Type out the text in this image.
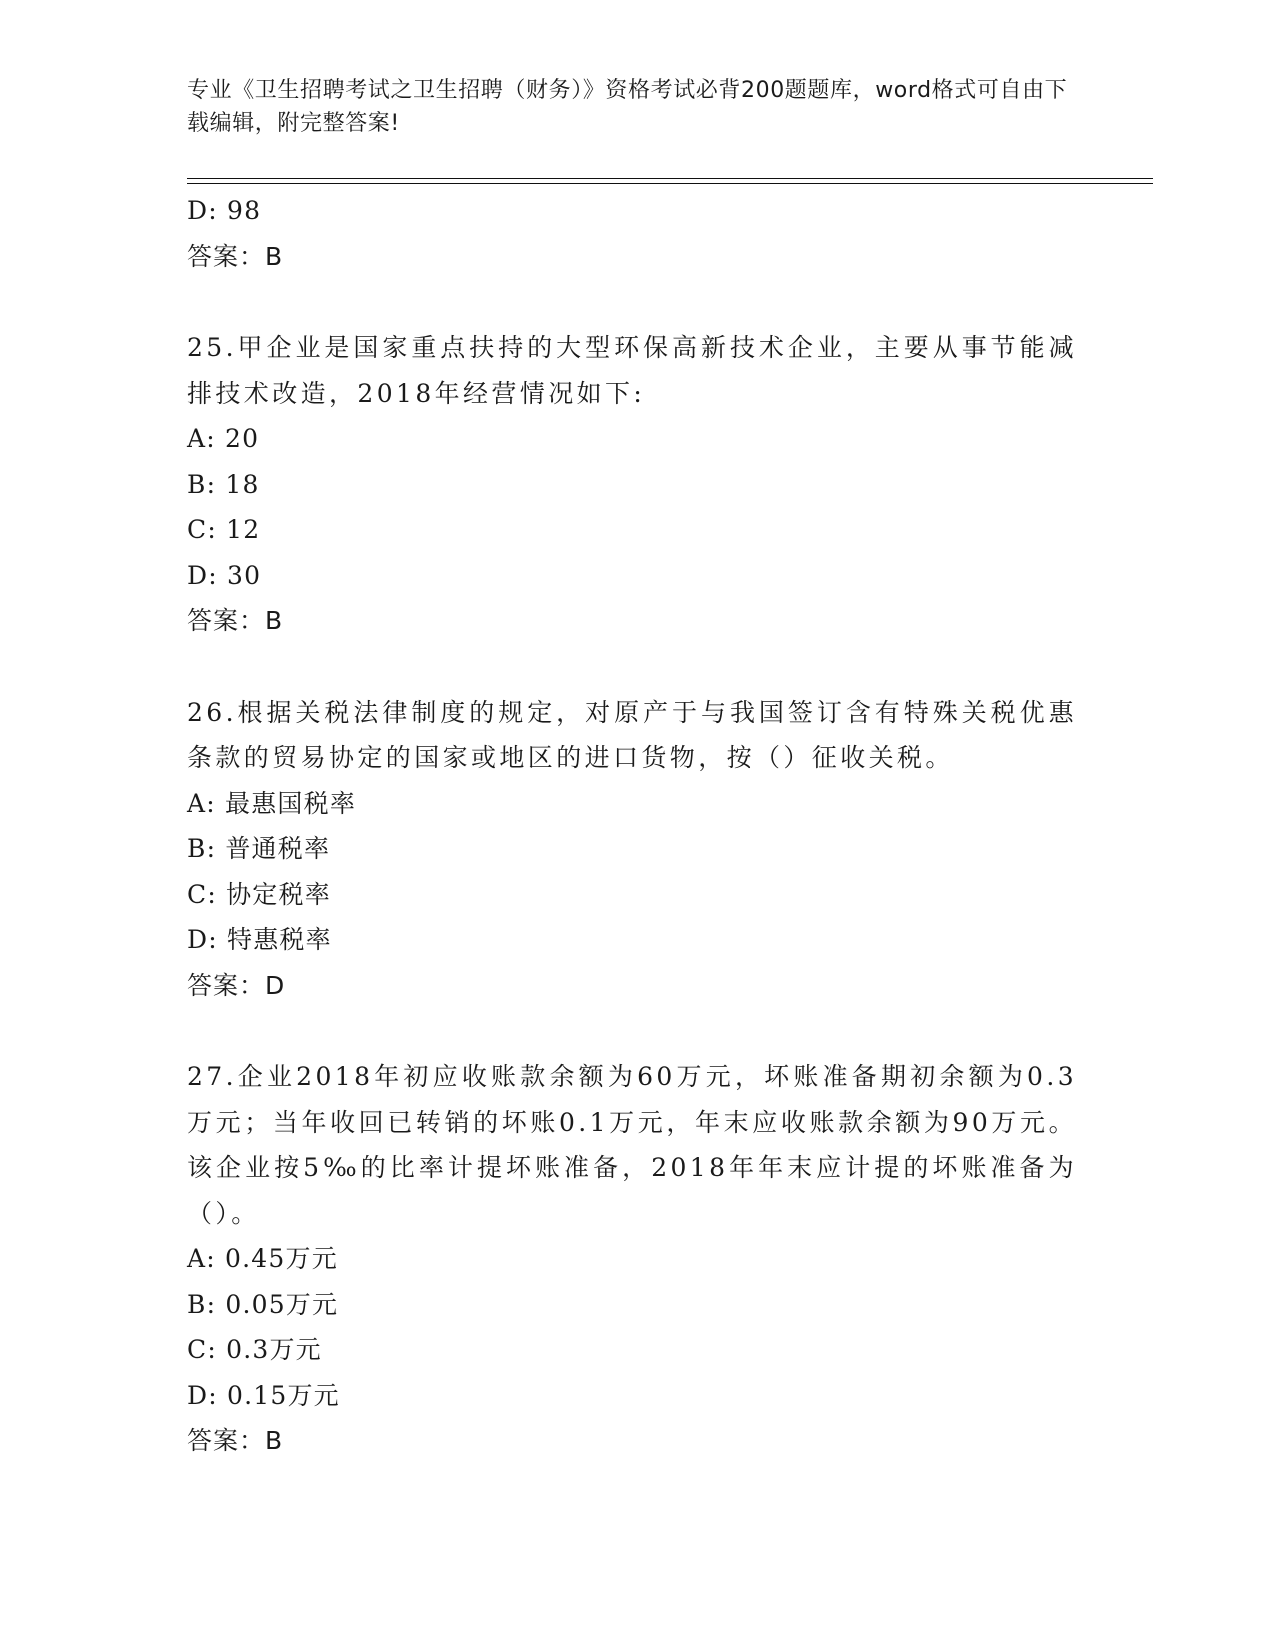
专业《卫生招聘考试之卫生招聘（财务）》资格考试必背200题题库，word格式可自由下载编辑，附完整答案!
D: 98
答案：B
25.甲企业是国家重点扶持的大型环保高新技术企业，主要从事节能减排技术改造，2018年经营情况如下:
A: 20
B: 18
C: 12
D: 30
答案：B
26.根据关税法律制度的规定，对原产于与我国签订含有特殊关税优惠条款的贸易协定的国家或地区的进口货物，按（）征收关税。
A: 最惠国税率
B: 普通税率
C: 协定税率
D: 特惠税率
答案：D
27.企业2018年初应收账款余额为60万元，坏账准备期初余额为0.3万元；当年收回已转销的坏账0.1万元，年末应收账款余额为90万元。该企业按5‰的比率计提坏账准备，2018年年末应计提的坏账准备为（）。
A: 0.45万元
B: 0.05万元
C: 0.3万元
D: 0.15万元
答案：B
